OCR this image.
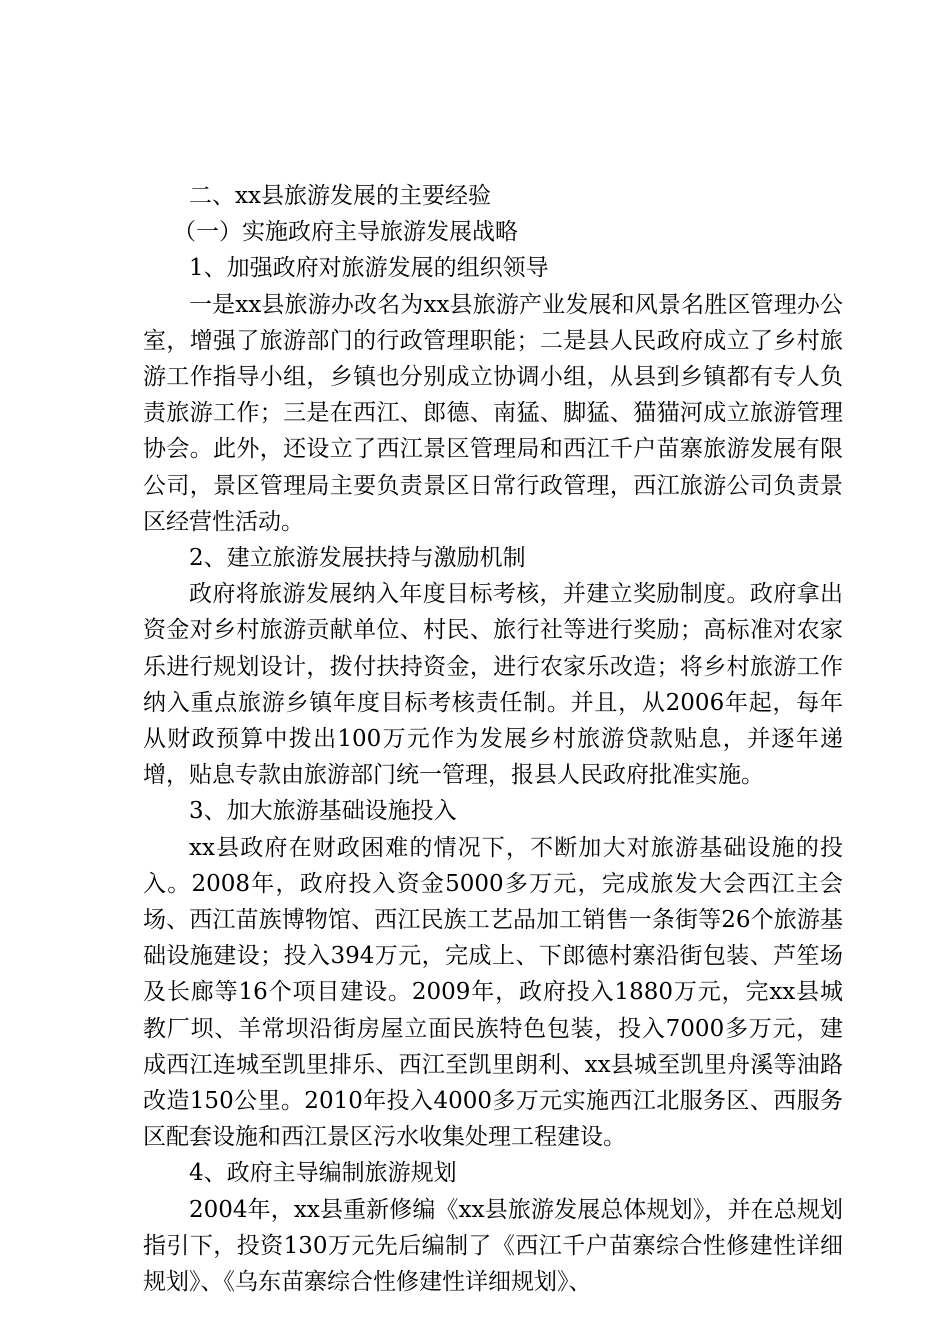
二、xx县旅游发展的主要经验

（一）实施政府主导旅游发展战略

1、加强政府对旅游发展的组织领导

一是xx县旅游办改名为xx县旅游产业发展和风景名胜区管理办公室，增强了旅游部门的行政管理职能；二是县人民政府成立了乡村旅游工作指导小组，乡镇也分别成立协调小组，从县到乡镇都有专人负责旅游工作；三是在西江、郎德、南猛、脚猛、猫猫河成立旅游管理协会。此外，还设立了西江景区管理局和西江千户苗寨旅游发展有限公司，景区管理局主要负责景区日常行政管理，西江旅游公司负责景区经营性活动。

2、建立旅游发展扶持与激励机制

政府将旅游发展纳入年度目标考核，并建立奖励制度。政府拿出资金对乡村旅游贡献单位、村民、旅行社等进行奖励；高标准对农家乐进行规划设计，拨付扶持资金，进行农家乐改造；将乡村旅游工作纳入重点旅游乡镇年度目标考核责任制。并且，从2006年起，每年从财政预算中拨出100万元作为发展乡村旅游贷款贴息，并逐年递增，贴息专款由旅游部门统一管理，报县人民政府批准实施。

3、加大旅游基础设施投入

xx县政府在财政困难的情况下，不断加大对旅游基础设施的投入。2008年，政府投入资金5000多万元，完成旅发大会西江主会场、西江苗族博物馆、西江民族工艺品加工销售一条街等26个旅游基础设施建设；投入394万元，完成上、下郎德村寨沿街包装、芦笙场及长廊等16个项目建设。2009年，政府投入1880万元，完xx县城教厂坝、羊常坝沿街房屋立面民族特色包装，投入7000多万元，建成西江连城至凯里排乐、西江至凯里朗利、xx县城至凯里舟溪等油路改造150公里。2010年投入4000多万元实施西江北服务区、西服务区配套设施和西江景区污水收集处理工程建设。

4、政府主导编制旅游规划

2004年，xx县重新修编《xx县旅游发展总体规划》，并在总规划指引下，投资130万元先后编制了《西江千户苗寨综合性修建性详细规划》、《乌东苗寨综合性修建性详细规划》、
